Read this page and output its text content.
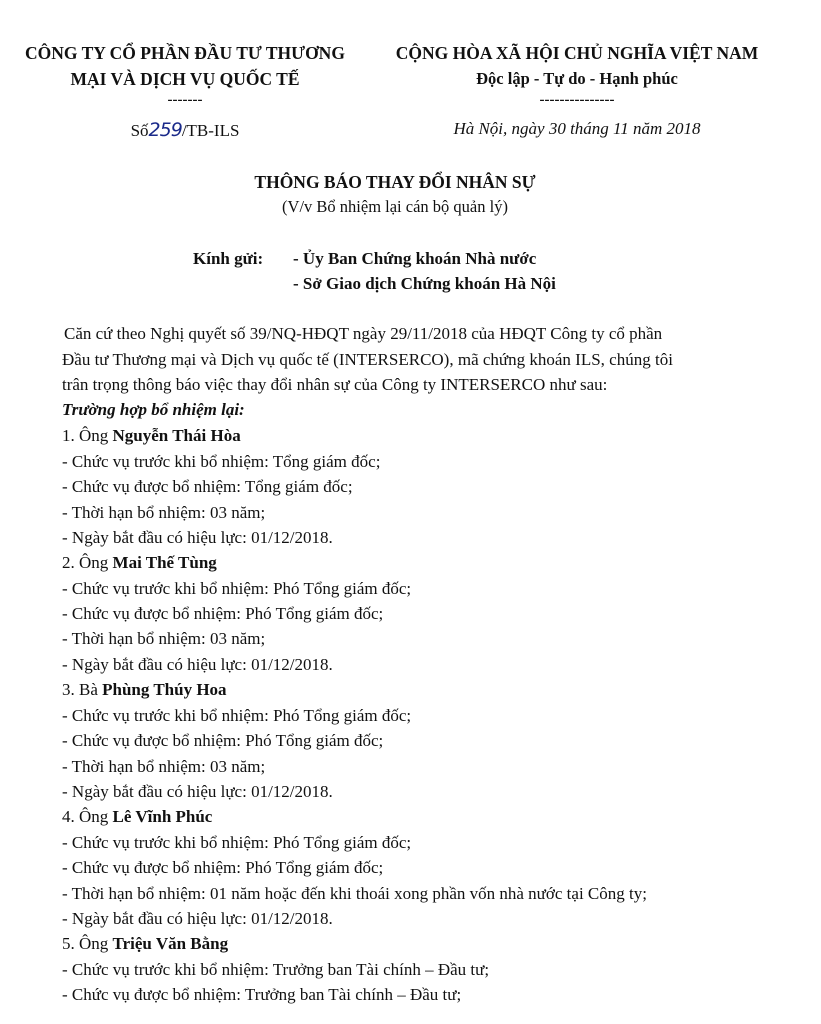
CÔNG TY CỔ PHẦN ĐẦU TƯ THƯƠNG
MẠI VÀ DỊCH VỤ QUỐC TẾ
-------
Số259/TB-ILS
CỘNG HÒA XÃ HỘI CHỦ NGHĨA VIỆT NAM
Độc lập - Tự do - Hạnh phúc
---------------
Hà Nội, ngày 30 tháng 11 năm 2018
THÔNG BÁO THAY ĐỔI NHÂN SỰ
(V/v Bổ nhiệm lại cán bộ quản lý)
Kính gửi: - Ủy Ban Chứng khoán Nhà nước
- Sở Giao dịch Chứng khoán Hà Nội
Căn cứ theo Nghị quyết số 39/NQ-HĐQT ngày 29/11/2018 của HĐQT Công ty cổ phần
Đầu tư Thương mại và Dịch vụ quốc tế (INTERSERCO), mã chứng khoán ILS, chúng tôi
trân trọng thông báo việc thay đổi nhân sự của Công ty INTERSERCO như sau:
Trường hợp bổ nhiệm lại:
1. Ông Nguyễn Thái Hòa
- Chức vụ trước khi bổ nhiệm: Tổng giám đốc;
- Chức vụ được bổ nhiệm: Tổng giám đốc;
- Thời hạn bổ nhiệm: 03 năm;
- Ngày bắt đầu có hiệu lực: 01/12/2018.
2. Ông Mai Thế Tùng
- Chức vụ trước khi bổ nhiệm: Phó Tổng giám đốc;
- Chức vụ được bổ nhiệm: Phó Tổng giám đốc;
- Thời hạn bổ nhiệm: 03 năm;
- Ngày bắt đầu có hiệu lực: 01/12/2018.
3. Bà Phùng Thúy Hoa
- Chức vụ trước khi bổ nhiệm: Phó Tổng giám đốc;
- Chức vụ được bổ nhiệm: Phó Tổng giám đốc;
- Thời hạn bổ nhiệm: 03 năm;
- Ngày bắt đầu có hiệu lực: 01/12/2018.
4. Ông Lê Vĩnh Phúc
- Chức vụ trước khi bổ nhiệm: Phó Tổng giám đốc;
- Chức vụ được bổ nhiệm: Phó Tổng giám đốc;
- Thời hạn bổ nhiệm: 01 năm hoặc đến khi thoái xong phần vốn nhà nước tại Công ty;
- Ngày bắt đầu có hiệu lực: 01/12/2018.
5. Ông Triệu Văn Bằng
- Chức vụ trước khi bổ nhiệm: Trưởng ban Tài chính – Đầu tư;
- Chức vụ được bổ nhiệm: Trưởng ban Tài chính – Đầu tư;
